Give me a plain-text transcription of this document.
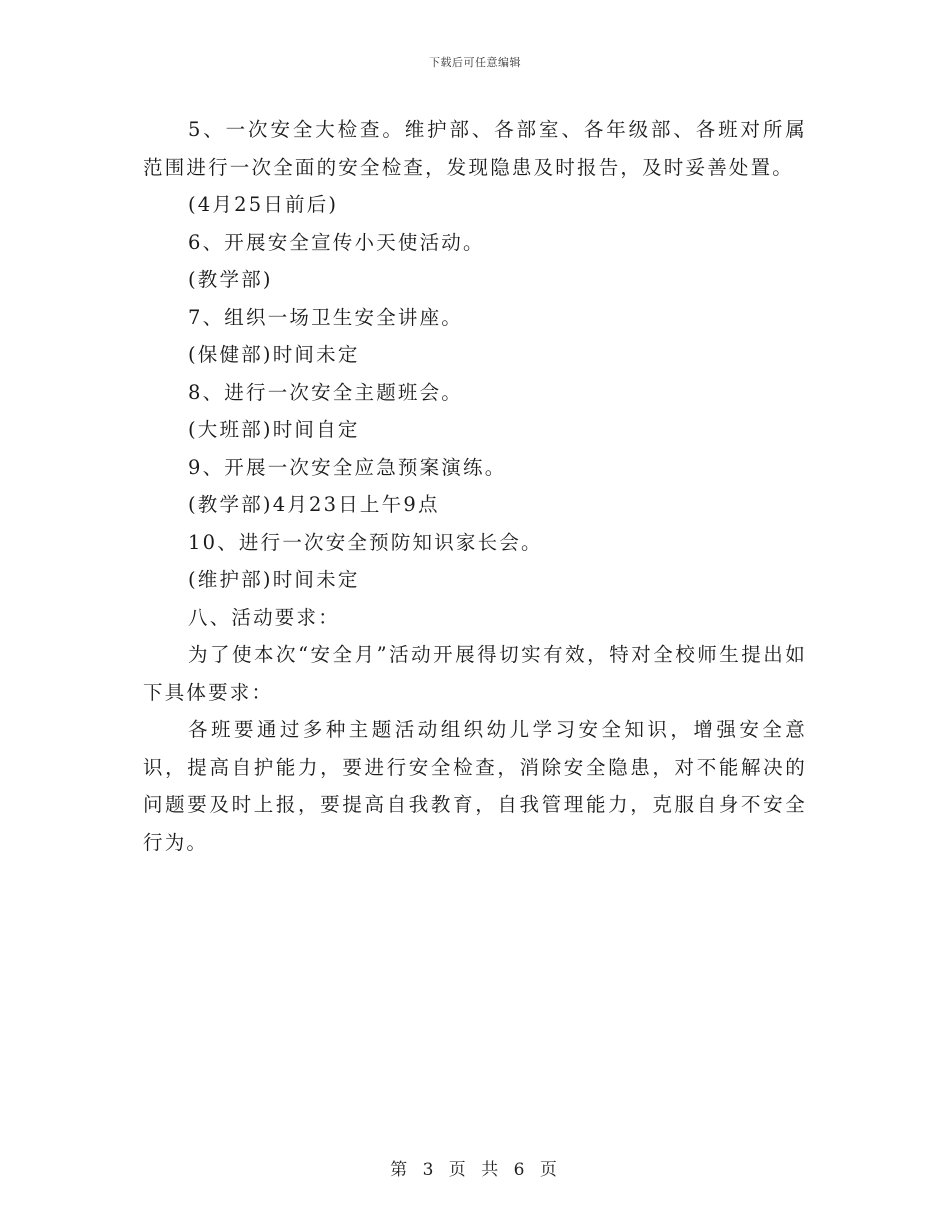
下载后可任意编辑

5、一次安全大检查。维护部、各部室、各年级部、各班对所属范围进行一次全面的安全检查，发现隐患及时报告，及时妥善处置。

(4月25日前后)

6、开展安全宣传小天使活动。

(教学部)

7、组织一场卫生安全讲座。

(保健部)时间未定

8、进行一次安全主题班会。

(大班部)时间自定

9、开展一次安全应急预案演练。

(教学部)4月23日上午9点

10、进行一次安全预防知识家长会。

(维护部)时间未定

八、活动要求：

为了使本次“安全月”活动开展得切实有效，特对全校师生提出如下具体要求：

各班要通过多种主题活动组织幼儿学习安全知识，增强安全意识，提高自护能力，要进行安全检查，消除安全隐患，对不能解决的问题要及时上报，要提高自我教育，自我管理能力，克服自身不安全行为。

第 3 页 共 6 页
